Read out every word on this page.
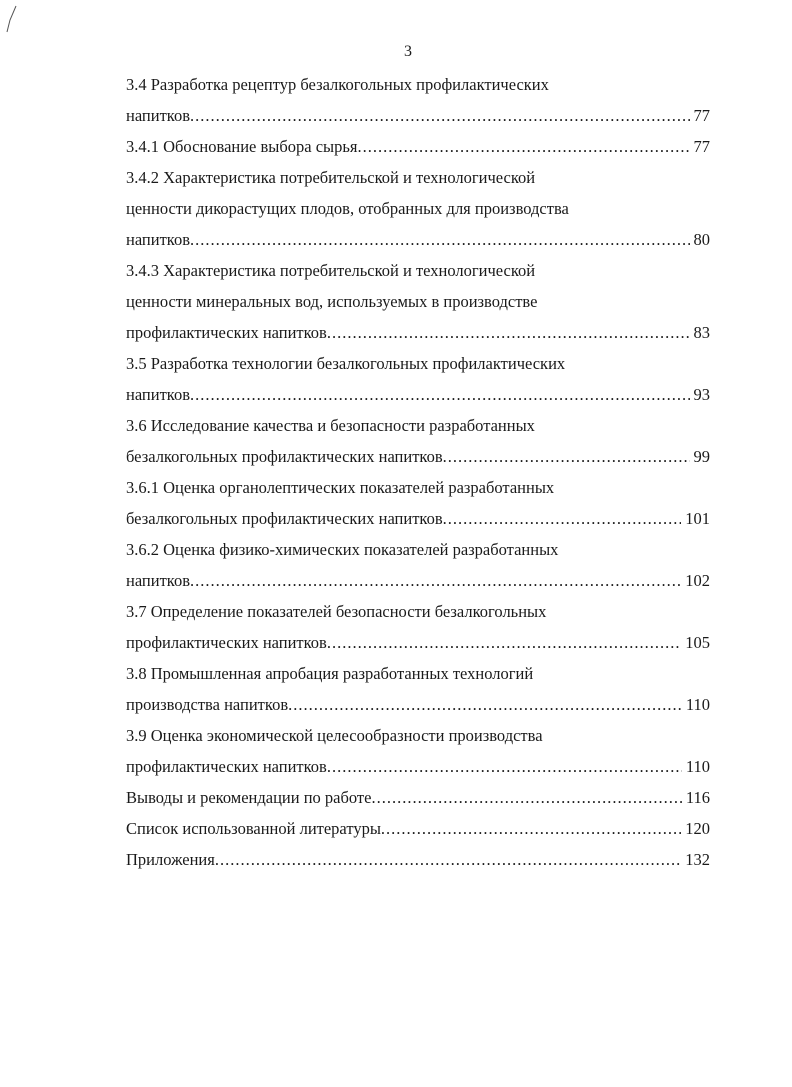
3
3.4 Разработка рецептур безалкогольных профилактических
напитков .....	77
3.4.1 Обоснование выбора сырья .....	77
3.4.2 Характеристика потребительской и технологической
ценности дикорастущих плодов, отобранных для производства
напитков .....	80
3.4.3 Характеристика потребительской и технологической
ценности минеральных вод, используемых в производстве
профилактических напитков .....	83
3.5 Разработка технологии безалкогольных профилактических
напитков .....	93
3.6 Исследование качества и безопасности разработанных
безалкогольных профилактических напитков .....	99
3.6.1 Оценка органолептических показателей разработанных
безалкогольных профилактических напитков .....	101
3.6.2 Оценка физико-химических показателей разработанных
напитков .....	102
3.7 Определение показателей безопасности безалкогольных
профилактических напитков .....	105
3.8 Промышленная апробация разработанных технологий
производства напитков .....	110
3.9 Оценка экономической целесообразности производства
профилактических напитков .....	110
Выводы и рекомендации по работе .....	116
Список использованной литературы .....	120
Приложения .....	132
